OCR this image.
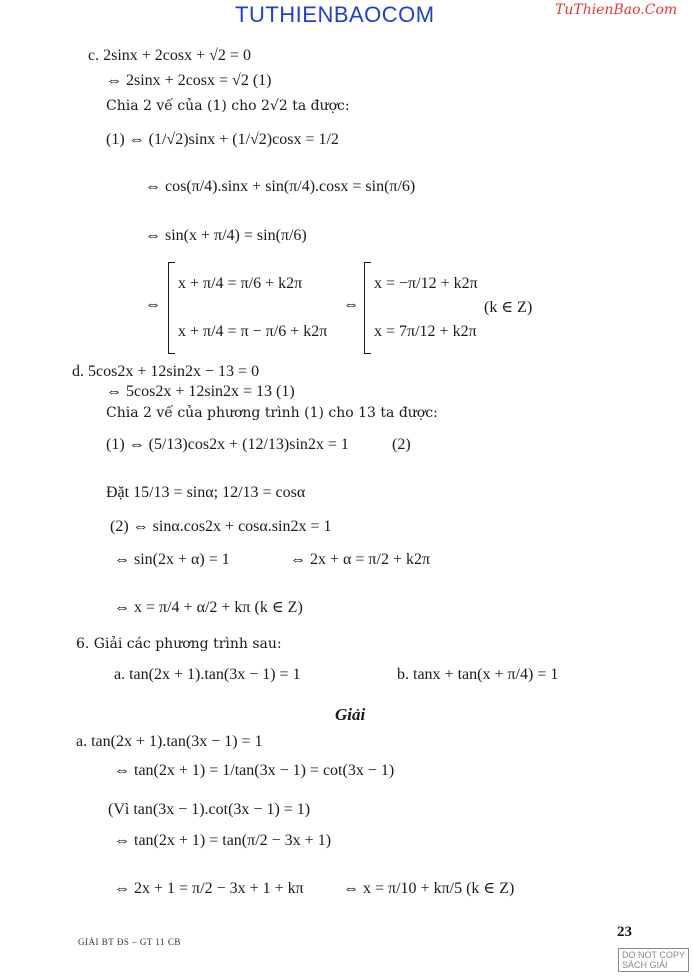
TUTHIENBAOCOM	TuThienBao.Com
c. 2sinx + 2cosx + √2 = 0
⇔ 2sinx + 2cosx = √2 (1)
Chia 2 vế của (1) cho 2√2 ta được:
(1) ⇔ (1/√2)sinx + (1/√2)cosx = 1/2
⇔ cos(π/4).sinx + sin(π/4).cosx = sin(π/6)
⇔ sin(x + π/4) = sin(π/6)
⇔
x + π/4 = π/6 + k2π
x + π/4 = π − π/6 + k2π
⇔
x = −π/12 + k2π
x = 7π/12 + k2π
(k ∈ Z)
d. 5cos2x + 12sin2x − 13 = 0
⇔ 5cos2x + 12sin2x = 13 (1)
Chia 2 vế của phương trình (1) cho 13 ta được:
(1) ⇔ (5/13)cos2x + (12/13)sin2x = 1	(2)
Đặt 15/13 = sinα; 12/13 = cosα
(2) ⇔ sinα.cos2x + cosα.sin2x = 1
⇔ sin(2x + α) = 1	⇔ 2x + α = π/2 + k2π
⇔ x = π/4 + α/2 + kπ (k ∈ Z)
6. Giải các phương trình sau:
a. tan(2x + 1).tan(3x − 1) = 1	b. tanx + tan(x + π/4) = 1
Giải
a. tan(2x + 1).tan(3x − 1) = 1
⇔ tan(2x + 1) = 1/tan(3x − 1) = cot(3x − 1)
(Vì tan(3x − 1).cot(3x − 1) = 1)
⇔ tan(2x + 1) = tan(π/2 − 3x + 1)
⇔ 2x + 1 = π/2 − 3x + 1 + kπ ⇔ x = π/10 + kπ/5 (k ∈ Z)
23
GIẢI BT ĐS – GT 11 CB
DO NOT COPY
SÁCH GIẢI
